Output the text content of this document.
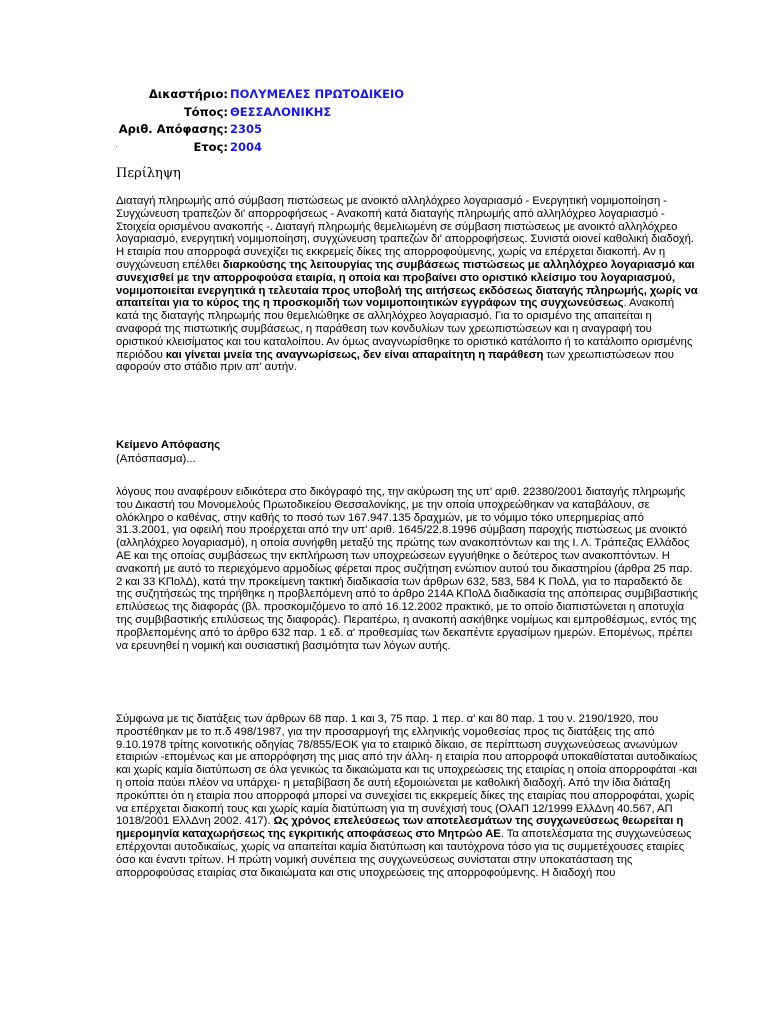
Δικαστήριο:	ΠΟΛΥΜΕΛΕΣ ΠΡΩΤΟΔΙΚΕΙΟ
Τόπος:	ΘΕΣΣΑΛΟΝΙΚΗΣ
Αριθ. Απόφασης:	2305
Ετος:	2004
Περίληψη

Διαταγή πληρωμής από σύμβαση πιστώσεως με ανοικτό αλληλόχρεο λογαριασμό - Ενεργητική νομιμοποίηση - Συγχώνευση τραπεζών δι' απορροφήσεως - Ανακοπή κατά διαταγής πληρωμής από αλληλόχρεο λογαριασμό - Στοιχεία ορισμένου ανακοπής -. Διαταγή πληρωμής θεμελιωμένη σε σύμβαση πιστώσεως με ανοικτό αλληλόχρεο λογαριασμό, ενεργητική νομιμοποίηση, συγχώνευση τραπεζών δι' απορροφήσεως. Συνιστά οιονεί καθολική διαδοχή. Η εταιρία που απορροφά συνεχίζει τις εκκρεμείς δίκες της απορροφούμενης, χωρίς να επέρχεται διακοπή. Αν η συγχώνευση επέλθει διαρκούσης της λειτουργίας της συμβάσεως πιστώσεως με αλληλόχρεο λογαριασμό και συνεχισθεί με την απορροφούσα εταιρία, η οποία και προβαίνει στο οριστικό κλείσιμο του λογαριασμού, νομιμοποιείται ενεργητικά η τελευταία προς υποβολή της αιτήσεως εκδόσεως διαταγής πληρωμής, χωρίς να απαιτείται για το κύρος της η προσκομιδή των νομιμοποιητικών εγγράφων της συγχωνεύσεως. Ανακοπή κατά της διαταγής πληρωμής που θεμελιώθηκε σε αλληλόχρεο λογαριασμό. Για το ορισμένο της απαιτείται η αναφορά της πιστωτικής συμβάσεως, η παράθεση των κονδυλίων των χρεωπιστώσεων και η αναγραφή του οριστικού κλεισίματος και του καταλοίπου. Αν όμως αναγνωρίσθηκε το οριστικό κατάλοιπο ή το κατάλοιπο ορισμένης περιόδου και γίνεται μνεία της αναγνωρίσεως, δεν είναι απαραίτητη η παράθεση των χρεωπιστώσεων που αφορούν στο στάδιο πριν απ' αυτήν.

Κείμενο Απόφασης
(Απόσπασμα)...

λόγους που αναφέρουν ειδικότερα στο δικόγραφό της, την ακύρωση της υπ' αριθ. 22380/2001 διαταγής πληρωμής του Δικαστή του Μονομελούς Πρωτοδικείου Θεσσαλονίκης, με την οποία υποχρεώθηκαν να καταβάλουν, σε ολόκληρο ο καθένας, στην καθής το ποσό των 167.947.135 δραχμών, με το νόμιμο τόκο υπερημερίας από 31.3.2001, για οφειλή που προέρχεται από την υπ' αριθ. 1645/22.8.1996 σύμβαση παροχής πιστώσεως με ανοικτό (αλληλόχρεο λογαριασμό), η οποία συνήφθη μεταξύ της πρώτης των ανακοπτόντων και της Ι. Λ. Τράπεζας Ελλάδος ΑΕ και της οποίας συμβάσεως την εκπλήρωση των υποχρεώσεων εγγυήθηκε ο δεύτερος των ανακοπτόντων. Η ανακοπή με αυτό το περιεχόμενο αρμοδίως φέρεται προς συζήτηση ενώπιον αυτού του δικαστηρίου (άρθρα 25 παρ. 2 και 33 ΚΠολΔ), κατά την προκείμενη τακτική διαδικασία των άρθρων 632, 583, 584 Κ ΠολΔ, για το παραδεκτό δε της συζητήσεώς της τηρήθηκε η προβλεπόμενη από το άρθρο 214Α ΚΠολΔ διαδικασία της απόπειρας συμβιβαστικής επιλύσεως της διαφοράς (βλ. προσκομιζόμενο το από 16.12.2002 πρακτικό, με το οποίο διαπιστώνεται η αποτυχία της συμβιβαστικής επιλύσεως της διαφοράς). Περαιτέρω, η ανακοπή ασκήθηκε νομίμως και εμπροθέσμως, εντός της προβλεπομένης από το άρθρο 632 παρ. 1 εδ. α' προθεσμίας των δεκαπέντε εργασίμων ημερών. Επομένως, πρέπει να ερευνηθεί η νομική και ουσιαστική βασιμότητα των λόγων αυτής.

Σύμφωνα με τις διατάξεις των άρθρων 68 παρ. 1 και 3, 75 παρ. 1 περ. α' και 80 παρ. 1 του ν. 2190/1920, που προστέθηκαν με το π.δ 498/1987, για την προσαρμογή της ελληνικής νομοθεσίας προς τις διατάξεις της από 9.10.1978 τρίτης κοινοτικής οδηγίας 78/855/ΕΟΚ για το εταιρικό δίκαιο, σε περίπτωση συγχωνεύσεως ανωνύμων εταιριών -επομένως και με απορρόφηση της μιας από την άλλη- η εταιρία που απορροφά υποκαθίσταται αυτοδικαίως και χωρίς καμία διατύπωση σε όλα γενικώς τα δικαιώματα και τις υποχρεώσεις της εταιρίας η οποία απορροφάται -και η οποία παύει πλέον να υπάρχει- η μεταβίβαση δε αυτή εξομοιώνεται με καθολική διαδοχή. Από την ίδια διάταξη προκύπτει ότι η εταιρία που απορροφά μπορεί να συνεχίσει τις εκκρεμείς δίκες της εταιρίας που απορροφάται, χωρίς να επέρχεται διακοπή τους και χωρίς καμία διατύπωση για τη συνέχισή τους (ΟλΑΠ 12/1999 ΕλλΔνη 40.567, ΑΠ 1018/2001 ΕλλΔνη 2002. 417). Ως χρόνος επελεύσεως των αποτελεσμάτων της συγχωνεύσεως θεωρείται η ημερομηνία καταχωρήσεως της εγκριτικής αποφάσεως στο Μητρώο ΑΕ. Τα αποτελέσματα της συγχωνεύσεως επέρχονται αυτοδικαίως, χωρίς να απαιτείται καμία διατύπωση και ταυτόχρονα τόσο για τις συμμετέχουσες εταιρίες όσο και έναντι τρίτων. Η πρώτη νομική συνέπεια της συγχωνεύσεως συνίσταται στην υποκατάσταση της απορροφούσας εταιρίας στα δικαιώματα και στις υποχρεώσεις της απορροφούμενης. Η διαδοχή που
